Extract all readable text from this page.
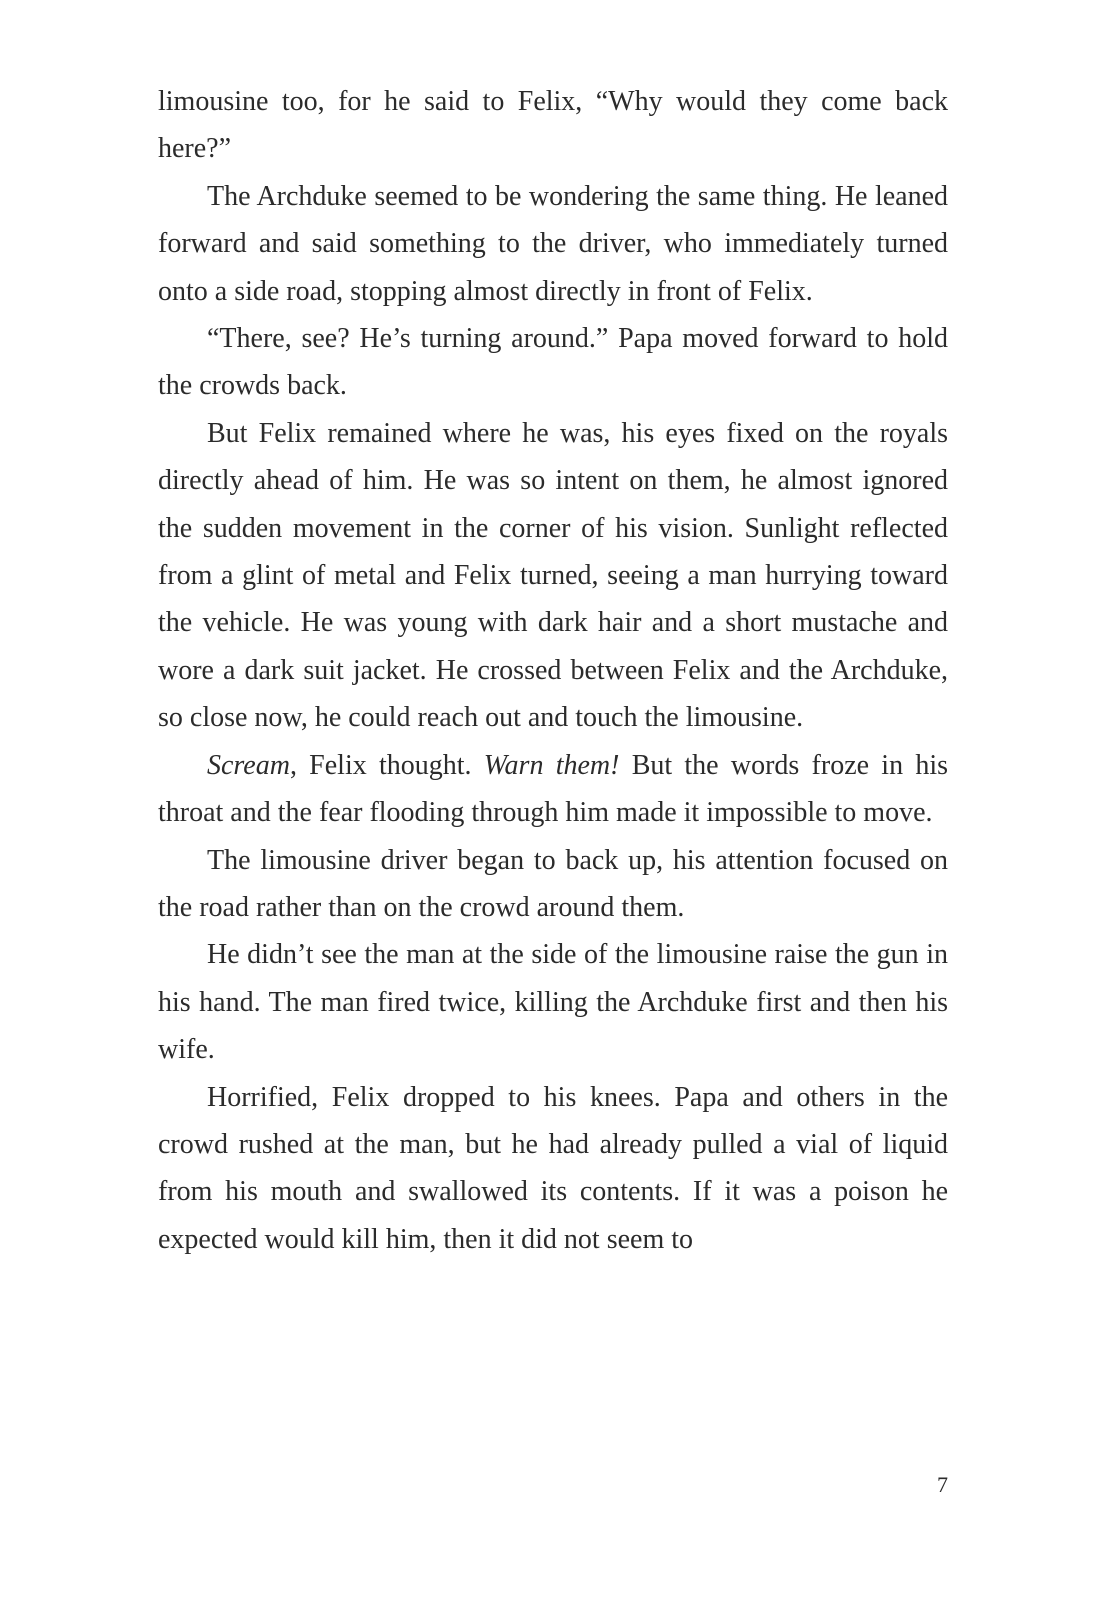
limousine too, for he said to Felix, “Why would they come back here?”

The Archduke seemed to be wondering the same thing. He leaned forward and said something to the driver, who immediately turned onto a side road, stopping almost directly in front of Felix.

“There, see? He’s turning around.” Papa moved forward to hold the crowds back.

But Felix remained where he was, his eyes fixed on the royals directly ahead of him. He was so intent on them, he almost ignored the sudden movement in the corner of his vision. Sunlight reflected from a glint of metal and Felix turned, seeing a man hurrying toward the vehicle. He was young with dark hair and a short mustache and wore a dark suit jacket. He crossed between Felix and the Archduke, so close now, he could reach out and touch the limousine.

Scream, Felix thought. Warn them! But the words froze in his throat and the fear flooding through him made it impossible to move.

The limousine driver began to back up, his attention focused on the road rather than on the crowd around them.

He didn’t see the man at the side of the limousine raise the gun in his hand. The man fired twice, killing the Archduke first and then his wife.

Horrified, Felix dropped to his knees. Papa and others in the crowd rushed at the man, but he had already pulled a vial of liquid from his mouth and swallowed its contents. If it was a poison he expected would kill him, then it did not seem to

7
